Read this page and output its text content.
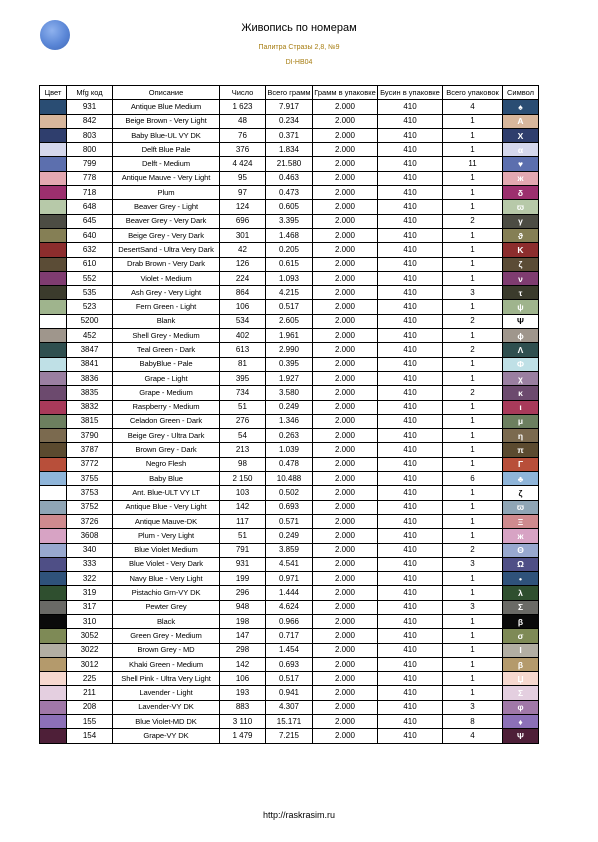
Живопись по номерам
Палитра Стразы 2,8, №9
DI-HB04
Цвет	Mfg код	Описание	Число	Всего грамм	Грамм в упаковке	Бусин в упаковке	Всего упаковок	Символ
	931	Antique Blue Medium	1 623	7.917	2.000	410	4	♠
	842	Beige Brown - Very Light	48	0.234	2.000	410	1	A
	803	Baby Blue-UL VY DK	76	0.371	2.000	410	1	X
	800	Delft Blue Pale	376	1.834	2.000	410	1	α
	799	Delft - Medium	4 424	21.580	2.000	410	11	♥
	778	Antique Mauve - Very Light	95	0.463	2.000	410	1	ж
	718	Plum	97	0.473	2.000	410	1	δ
	648	Beaver Grey - Light	124	0.605	2.000	410	1	ϖ
	645	Beaver Grey - Very Dark	696	3.395	2.000	410	2	γ
	640	Beige Grey - Very Dark	301	1.468	2.000	410	1	ϑ
	632	DesertSand - Ultra Very Dark	42	0.205	2.000	410	1	K
	610	Drab Brown - Very Dark	126	0.615	2.000	410	1	ζ
	552	Violet - Medium	224	1.093	2.000	410	1	ν
	535	Ash Grey - Very Light	864	4.215	2.000	410	3	τ
	523	Fern Green - Light	106	0.517	2.000	410	1	ψ
	5200	Blank	534	2.605	2.000	410	2	Ψ
	452	Shell Grey - Medium	402	1.961	2.000	410	1	ϕ
	3847	Teal Green - Dark	613	2.990	2.000	410	2	Λ
	3841	BabyBlue - Pale	81	0.395	2.000	410	1	Φ
	3836	Grape - Light	395	1.927	2.000	410	1	χ
	3835	Grape - Medium	734	3.580	2.000	410	2	κ
	3832	Raspberry - Medium	51	0.249	2.000	410	1	ι
	3815	Celadon Green - Dark	276	1.346	2.000	410	1	μ
	3790	Beige Grey - Ultra Dark	54	0.263	2.000	410	1	η
	3787	Brown Grey - Dark	213	1.039	2.000	410	1	π
	3772	Negro Flesh	98	0.478	2.000	410	1	Γ
	3755	Baby Blue	2 150	10.488	2.000	410	6	♣
	3753	Ant. Blue-ULT VY LT	103	0.502	2.000	410	1	ζ
	3752	Antique Blue - Very Light	142	0.693	2.000	410	1	ϖ
	3726	Antique Mauve-DK	117	0.571	2.000	410	1	Ξ
	3608	Plum - Very Light	51	0.249	2.000	410	1	ж
	340	Blue Violet Medium	791	3.859	2.000	410	2	Θ
	333	Blue Violet - Very Dark	931	4.541	2.000	410	3	Ω
	322	Navy Blue - Very Light	199	0.971	2.000	410	1	•
	319	Pistachio Grn-VY DK	296	1.444	2.000	410	1	λ
	317	Pewter Grey	948	4.624	2.000	410	3	Σ
	310	Black	198	0.966	2.000	410	1	β
	3052	Green Grey - Medium	147	0.717	2.000	410	1	σ
	3022	Brown Grey - MD	298	1.454	2.000	410	1	I
	3012	Khaki Green - Medium	142	0.693	2.000	410	1	β
	225	Shell Pink - Ultra Very Light	106	0.517	2.000	410	1	Џ
	211	Lavender - Light	193	0.941	2.000	410	1	Σ
	208	Lavender-VY DK	883	4.307	2.000	410	3	φ
	155	Blue Violet-MD DK	3 110	15.171	2.000	410	8	♦
	154	Grape-VY DK	1 479	7.215	2.000	410	4	Ψ
http://raskrasim.ru
